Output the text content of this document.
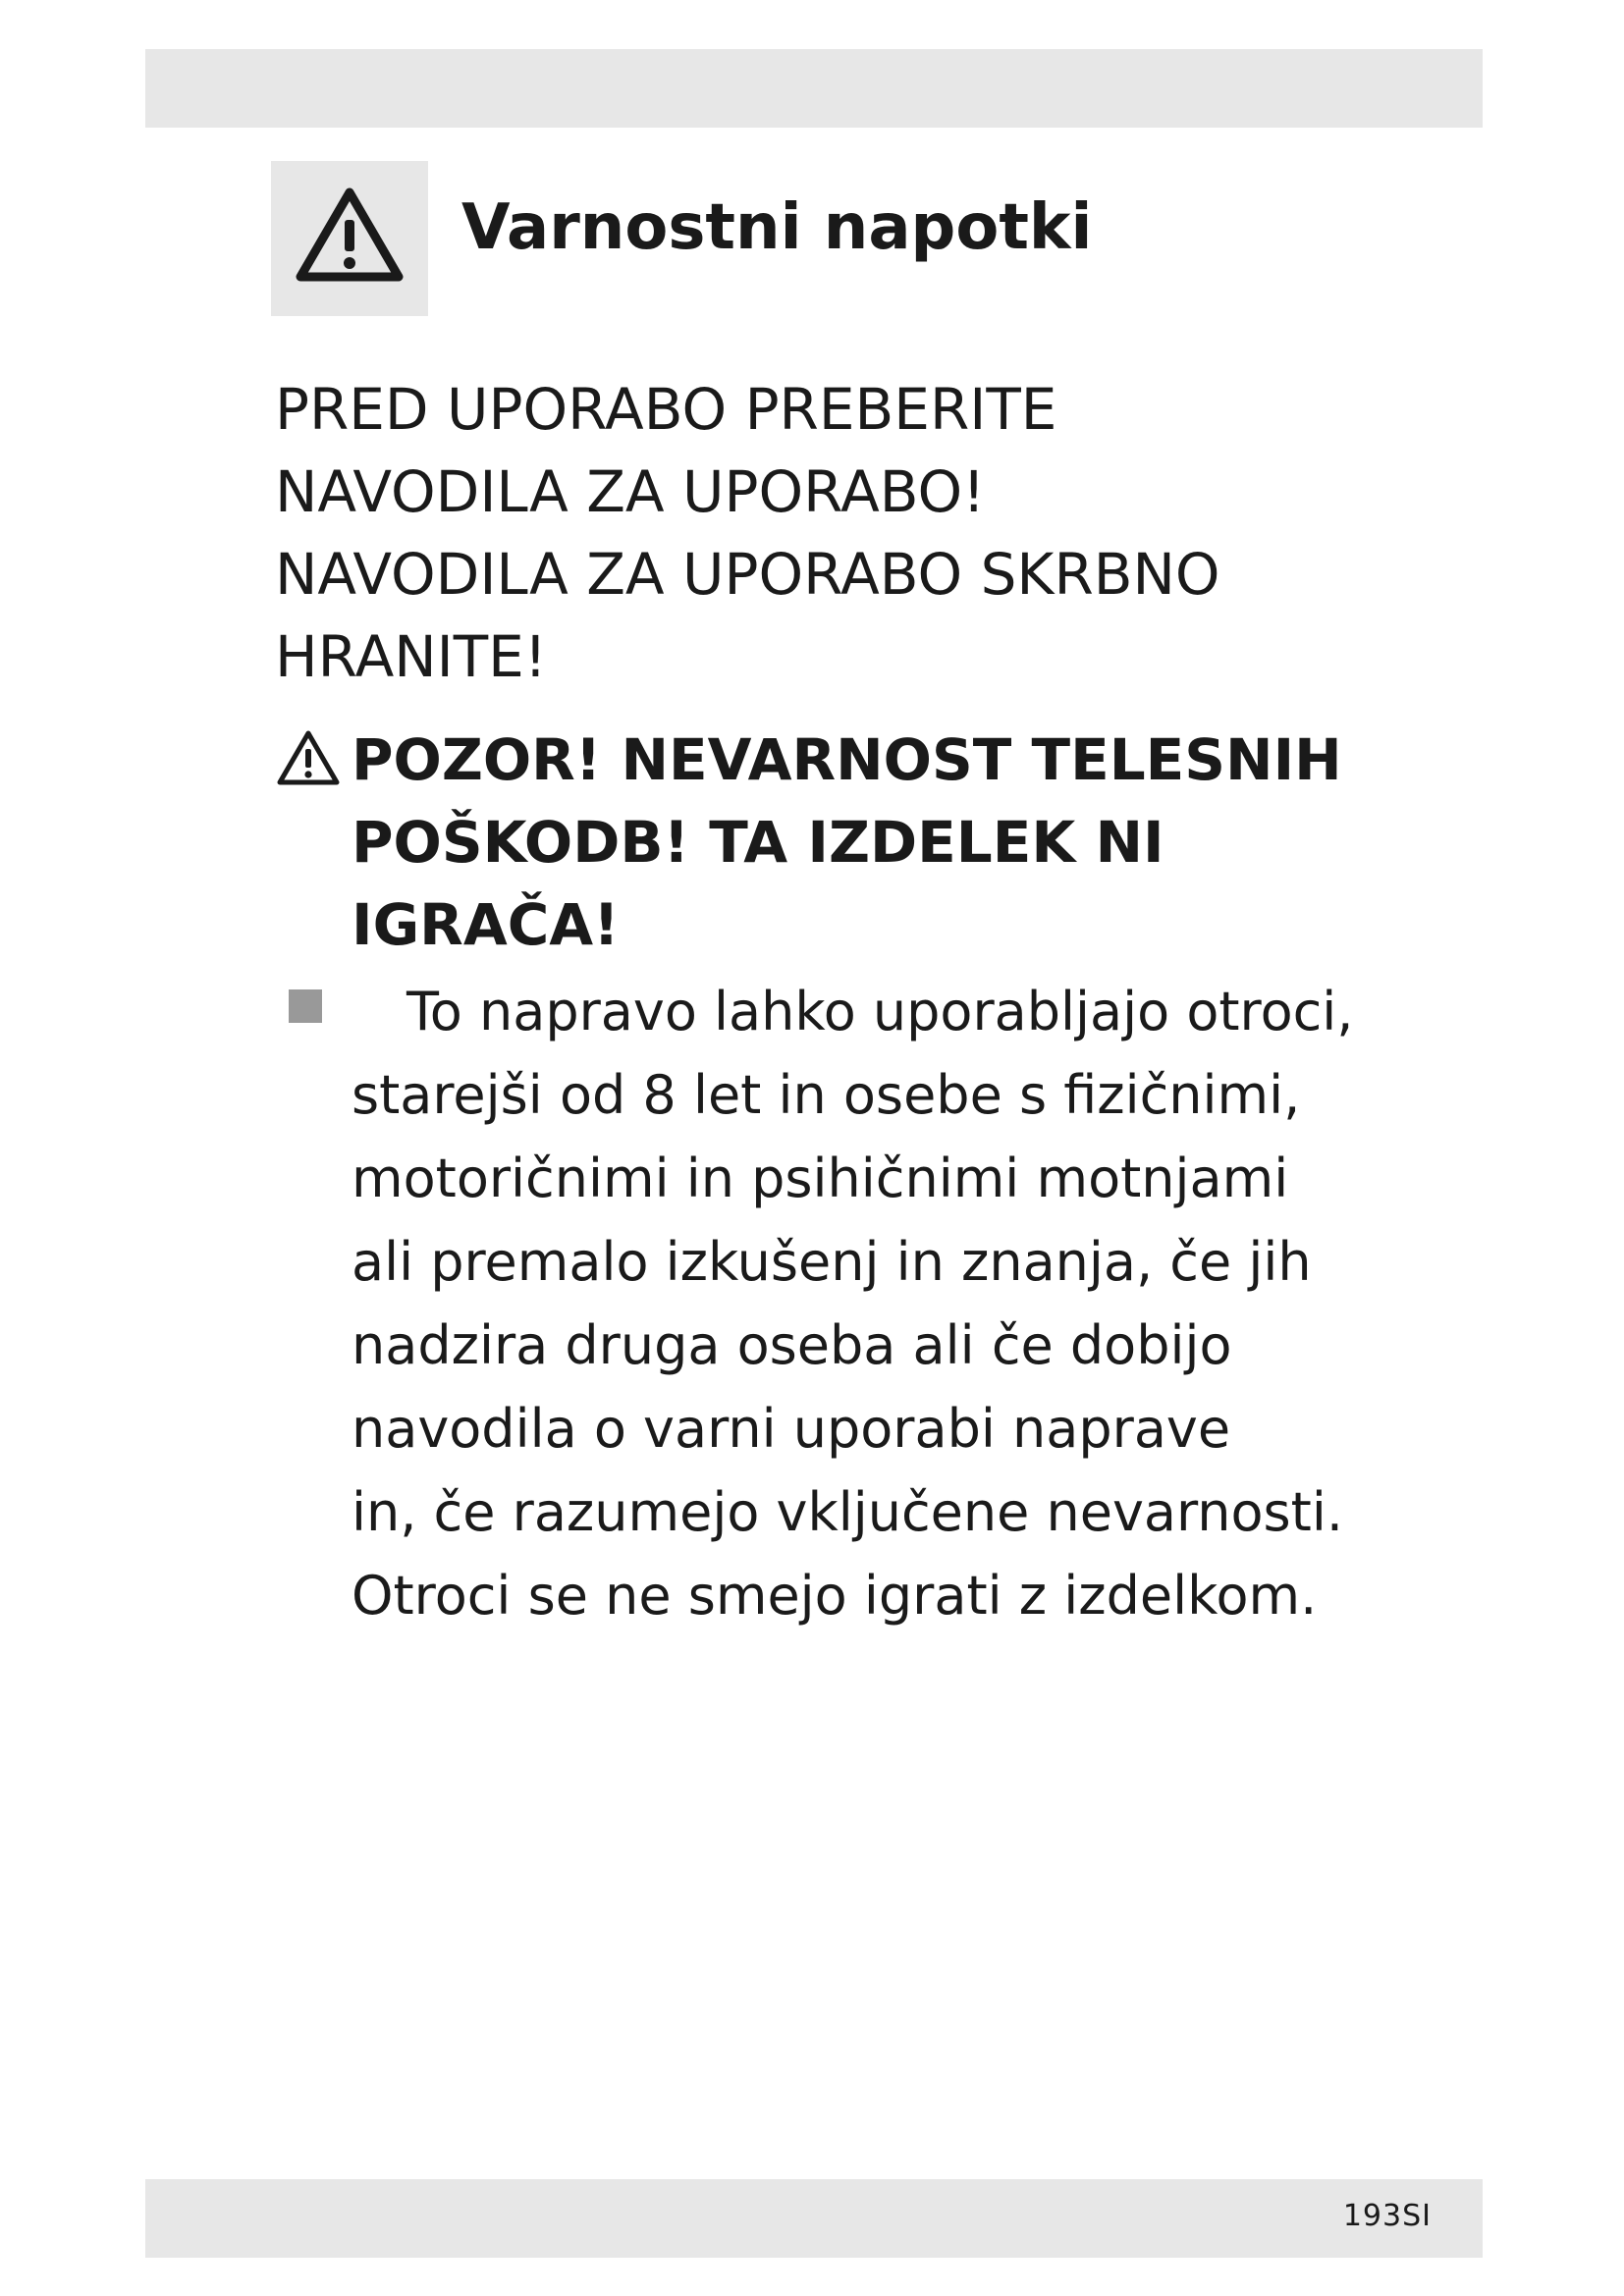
Varnostni napotki
PRED UPORABO PREBERITE
NAVODILA ZA UPORABO!
NAVODILA ZA UPORABO SKRBNO
HRANITE!

POZOR! NEVARNOST TELESNIH
POŠKODB! TA IZDELEK NI
IGRAČA!

To napravo lahko uporabljajo otroci,
starejši od 8 let in osebe s fizičnimi,
motoričnimi in psihičnimi motnjami
ali premalo izkušenj in znanja, če jih
nadzira druga oseba ali če dobijo
navodila o varni uporabi naprave
in, če razumejo vključene nevarnosti.
Otroci se ne smejo igrati z izdelkom.

193SI
